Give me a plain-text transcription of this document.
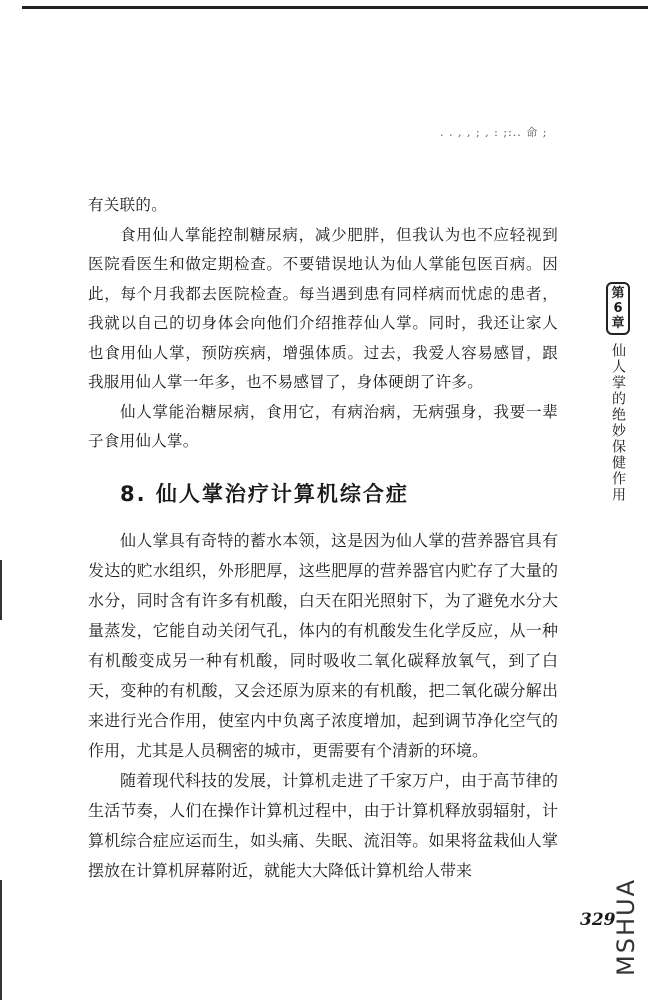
. . , , ; , : ;:.. 命 ;

有关联的。

食用仙人掌能控制糖尿病，减少肥胖，但我认为也不应轻视到医院看医生和做定期检查。不要错误地认为仙人掌能包医百病。因此，每个月我都去医院检查。每当遇到患有同样病而忧虑的患者，我就以自己的切身体会向他们介绍推荐仙人掌。同时，我还让家人也食用仙人掌，预防疾病，增强体质。过去，我爱人容易感冒，跟我服用仙人掌一年多，也不易感冒了，身体硬朗了许多。

仙人掌能治糖尿病，食用它，有病治病，无病强身，我要一辈子食用仙人掌。

8. 仙人掌治疗计算机综合症

仙人掌具有奇特的蓄水本领，这是因为仙人掌的营养器官具有发达的贮水组织，外形肥厚，这些肥厚的营养器官内贮存了大量的水分，同时含有许多有机酸，白天在阳光照射下，为了避免水分大量蒸发，它能自动关闭气孔，体内的有机酸发生化学反应，从一种有机酸变成另一种有机酸，同时吸收二氧化碳释放氧气，到了白天，变种的有机酸，又会还原为原来的有机酸，把二氧化碳分解出来进行光合作用，使室内中负离子浓度增加，起到调节净化空气的作用，尤其是人员稠密的城市，更需要有个清新的环境。

随着现代科技的发展，计算机走进了千家万户，由于高节律的生活节奏，人们在操作计算机过程中，由于计算机释放弱辐射，计算机综合症应运而生，如头痛、失眠、流泪等。如果将盆栽仙人掌摆放在计算机屏幕附近，就能大大降低计算机给人带来

第
6
章
仙人掌的绝妙保健作用
329
MSHUA
